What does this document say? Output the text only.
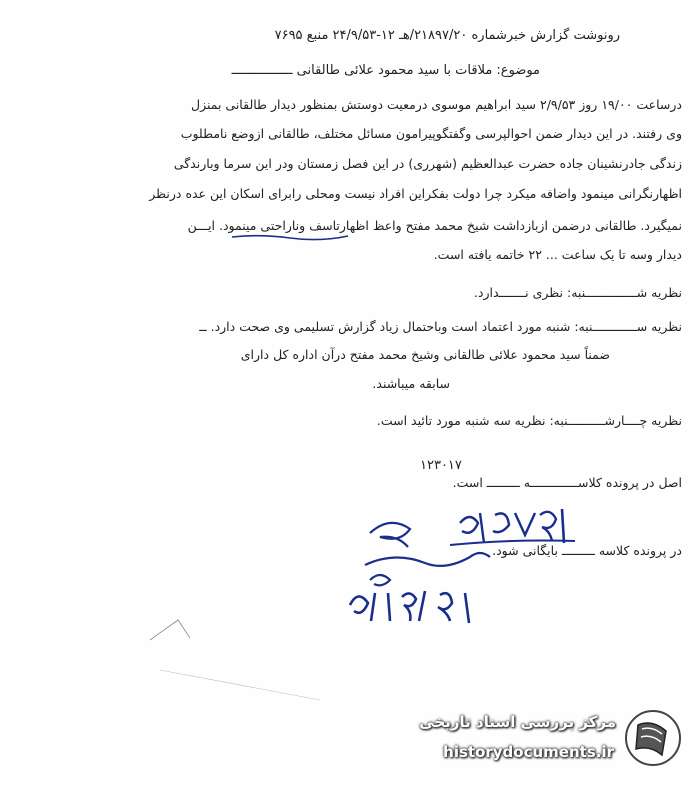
رونوشت گزارش خبرشماره ۲۱۸۹۷/۲۰/هـ ۱۲-۲۴/۹/۵۳ منبع ۷۶۹۵
موضوع: ملاقات با سید محمود علائی طالقانی ــــــــــــــــ
درساعت ۱۹/۰۰ روز ۲/۹/۵۳ سید ابراهیم موسوی درمعیت دوستش بمنظور دیدار طالقانی بمنزل
وی رفتند. در این دیدار ضمن احوالپرسی وگفتگوپیرامون مسائل مختلف، طالقانی ازوضع نامطلوب
زندگی جادرنشینان جاده حضرت عبدالعظیم (شهرری) در این فصل زمستان ودر این سرما وبارندگی
اظهارنگرانی مینمود واضافه میکرد چرا دولت بفکراین افراد نیست ومحلی رابرای اسکان این عده درنظر
نمیگیرد. طالقانی درضمن ازبازداشت شیخ محمد مفتح واعظ اظهارتاسف وناراحتی مینمود. ایـــن
دیدار وسه تا یک ساعت ... ۲۲ خاتمه یافته است.
نظریه شــــــــــــــنبه: نظری نـــــــدارد.
نظریه ســــــــــــنبه: شنبه مورد اعتماد است وباحتمال زیاد گزارش تسلیمی وی صحت دارد. ــ
ضمناً سید محمود علائی طالقانی وشیخ محمد مفتح درآن اداره کل دارای
سابقه میباشند.
نظریه چــــارشــــــــــنبه: نظریه سه شنبه مورد تائید است.
۱۲۳۰۱۷
اصل در پرونده کلاســـــــــــــه ـــــــــ است.
در پرونده کلاسه ـــــــــ بایگانی شود.
مرکز بررسی اسناد تاریخی
historydocuments.ir
